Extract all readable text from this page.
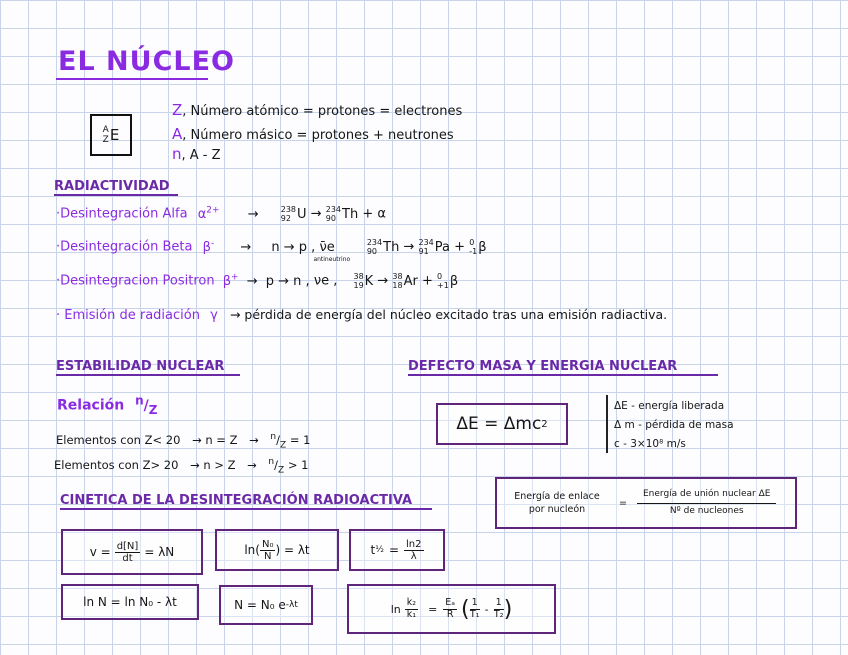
EL NÚCLEO
A
Z E
Z, Número atómico = protones = electrones
A, Número másico = protones + neutrones
n, A - Z
RADIACTIVIDAD
·Desintegración Alfa $\alpha^{2+}$ →	238
92 U → 234
90 Th + α
·Desintegración Beta β- → n → p , ν̄e
antineutrino

234
90 Th → 234
91 Pa + 0
-1 β
·Desintegracion Positron β+ → p → n , νe , 38
19 K → 38
18 Ar + 0
+1 β
· Emisión de radiación γ → pérdida de energía del núcleo excitado tras una emisión radiactiva.
ESTABILIDAD NUCLEAR
Relación $^n/_Z$
Elementos con $Z< 20 \to n = Z \to ^n/_Z = 1$
Elementos con $Z> 20 \to n > Z \to ^n/_Z > 1$
DEFECTO MASA Y ENERGIA NUCLEAR
ΔE = Δmc 2
ΔE - energía liberada
Δ m - pérdida de masa
c - 3×10⁸ m/s
Energía de enlace por nucleón
= $\frac{\text{Energía de unión nuclear ΔE}}{\text{Nº de nucleones}}$
CINETICA DE LA DESINTEGRACIÓN RADIOACTIVA
$v = \frac{d[N]}{dt} = \lambda N$	$\ln( \frac{\text{N₀}}{N}$ ) = λt	t ½ = $\frac{\ln 2}{\lambda}$
ln N = ln N₀ - λt	N = N₀ e -λt	$\ln \frac{\text{k₂}}{\text{k₁}} = \frac{\text{Eₐ}}{R}$ ( $\frac{1}{\text{T₁}} - \frac{1}{\text{T₂}}$ )
